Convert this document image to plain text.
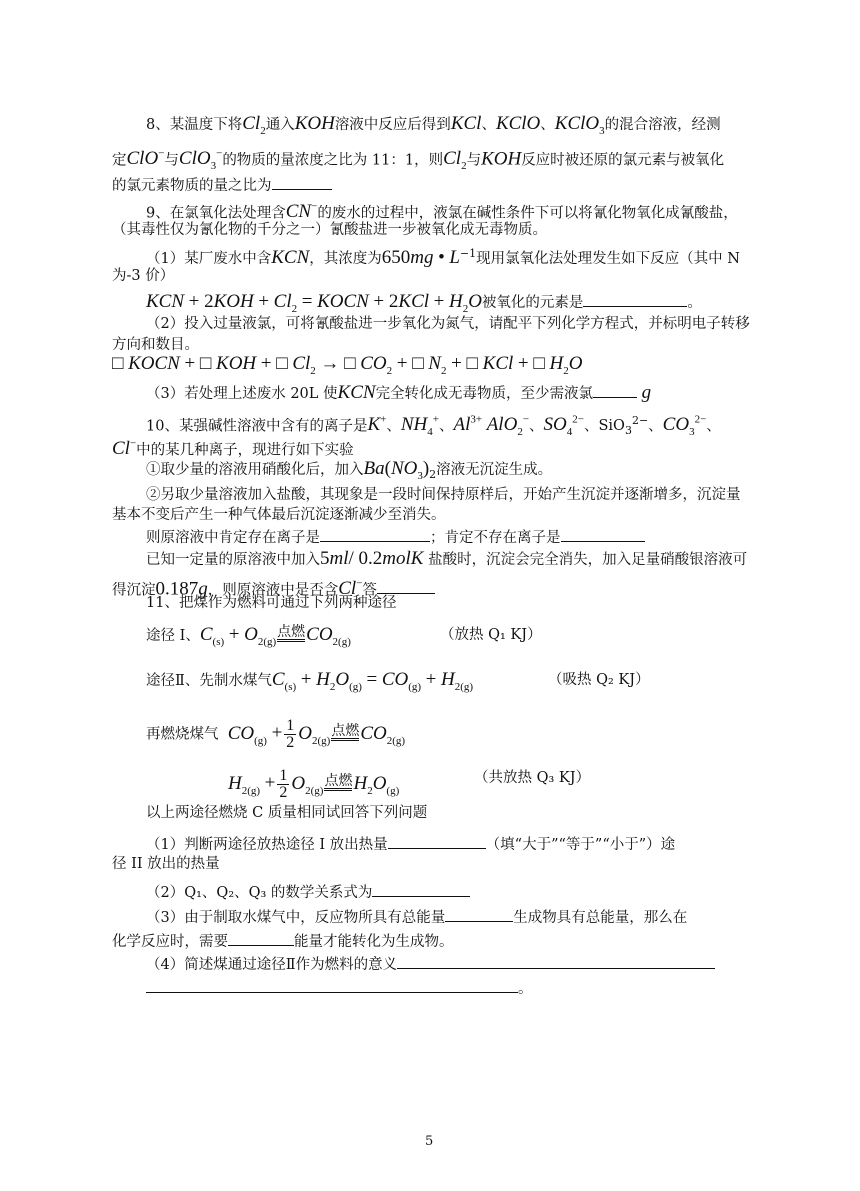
8、某温度下将$Cl_2$通入KOH溶液中反应后得到KCl、KClO、KClO$_3$的混合溶液，经测
定ClO−与ClO$_3$−的物质的量浓度之比为 11：1，则$Cl_2$与KOH反应时被还原的氯元素与被氧化
的氯元素物质的量之比为
9、在氯氧化法处理含CN−的废水的过程中，液氯在碱性条件下可以将氰化物氧化成氰酸盐，
（其毒性仅为氰化物的千分之一）氰酸盐进一步被氧化成无毒物质。
（1）某厂废水中含KCN，其浓度为650mg • $L^{-1}$现用氯氧化法处理发生如下反应（其中 N
为-3 价）
KCN + $2KOH + Cl_2$ = KOCN + $2KCl + H_2O$被氧化的元素是	。
（2）投入过量液氯，可将氰酸盐进一步氧化为氮气，请配平下列化学方程式，并标明电子转移
方向和数目。
□ KOCN + □ KOH + □ $Cl_2$ → □ $CO_2$ + □ $N_2$ + □ KCl + □ $H_2O$
（3）若处理上述废水 20L 使KCN完全转化成无毒物质，至少需液氯	g
10、某强碱性溶液中含有的离子是K+、$NH_4^+$、$Al^{3+}$ AlO$_2$−、$SO_4^{2-}$、SiO$_3^{2-}$、$CO_3^{2-}$、
Cl−中的某几种离子，现进行如下实验
①取少量的溶液用硝酸化后，加入$Ba(NO_3)_2$溶液无沉淀生成。
②另取少量溶液加入盐酸，其现象是一段时间保持原样后，开始产生沉淀并逐渐增多，沉淀量
基本不变后产生一种气体最后沉淀逐渐减少至消失。
则原溶液中肯定存在离子是	；肯定不存在离子是
已知一定量的原溶液中加入5ml/ 0.2molK 盐酸时，沉淀会完全消失，加入足量硝酸银溶液可
得沉淀0.187g，则原溶液中是否含Cl−答
11、把煤作为燃料可通过下列两种途径
途径 I、$C_{(s)} + O_{2(g)}$点燃$CO_{2(g)}$	（放热 Q₁ KJ）
途径Ⅱ、先制水煤气$C_{(s)} + H_2O_{(g)} = CO_{(g)} + H_{2(g)}$	（吸热 Q₂ KJ）
再燃烧煤气 $CO_{(g)} + \frac{1}{2} O_{2(g)}$点燃$CO_{2(g)}$
$H_{2(g)} + \frac{1}{2} O_{2(g)}$点燃$H_2O_{(g)}$
（共放热 Q₃ KJ）
以上两途径燃烧 C 质量相同试回答下列问题
（1）判断两途径放热途径 I 放出热量	（填“大于”“等于”“小于”）途
径 II 放出的热量
（2）Q₁、Q₂、Q₃ 的数学关系式为
（3）由于制取水煤气中，反应物所具有总能量	生成物具有总能量，那么在
化学反应时，需要	能量才能转化为生成物。
（4）简述煤通过途径Ⅱ作为燃料的意义
。
5
